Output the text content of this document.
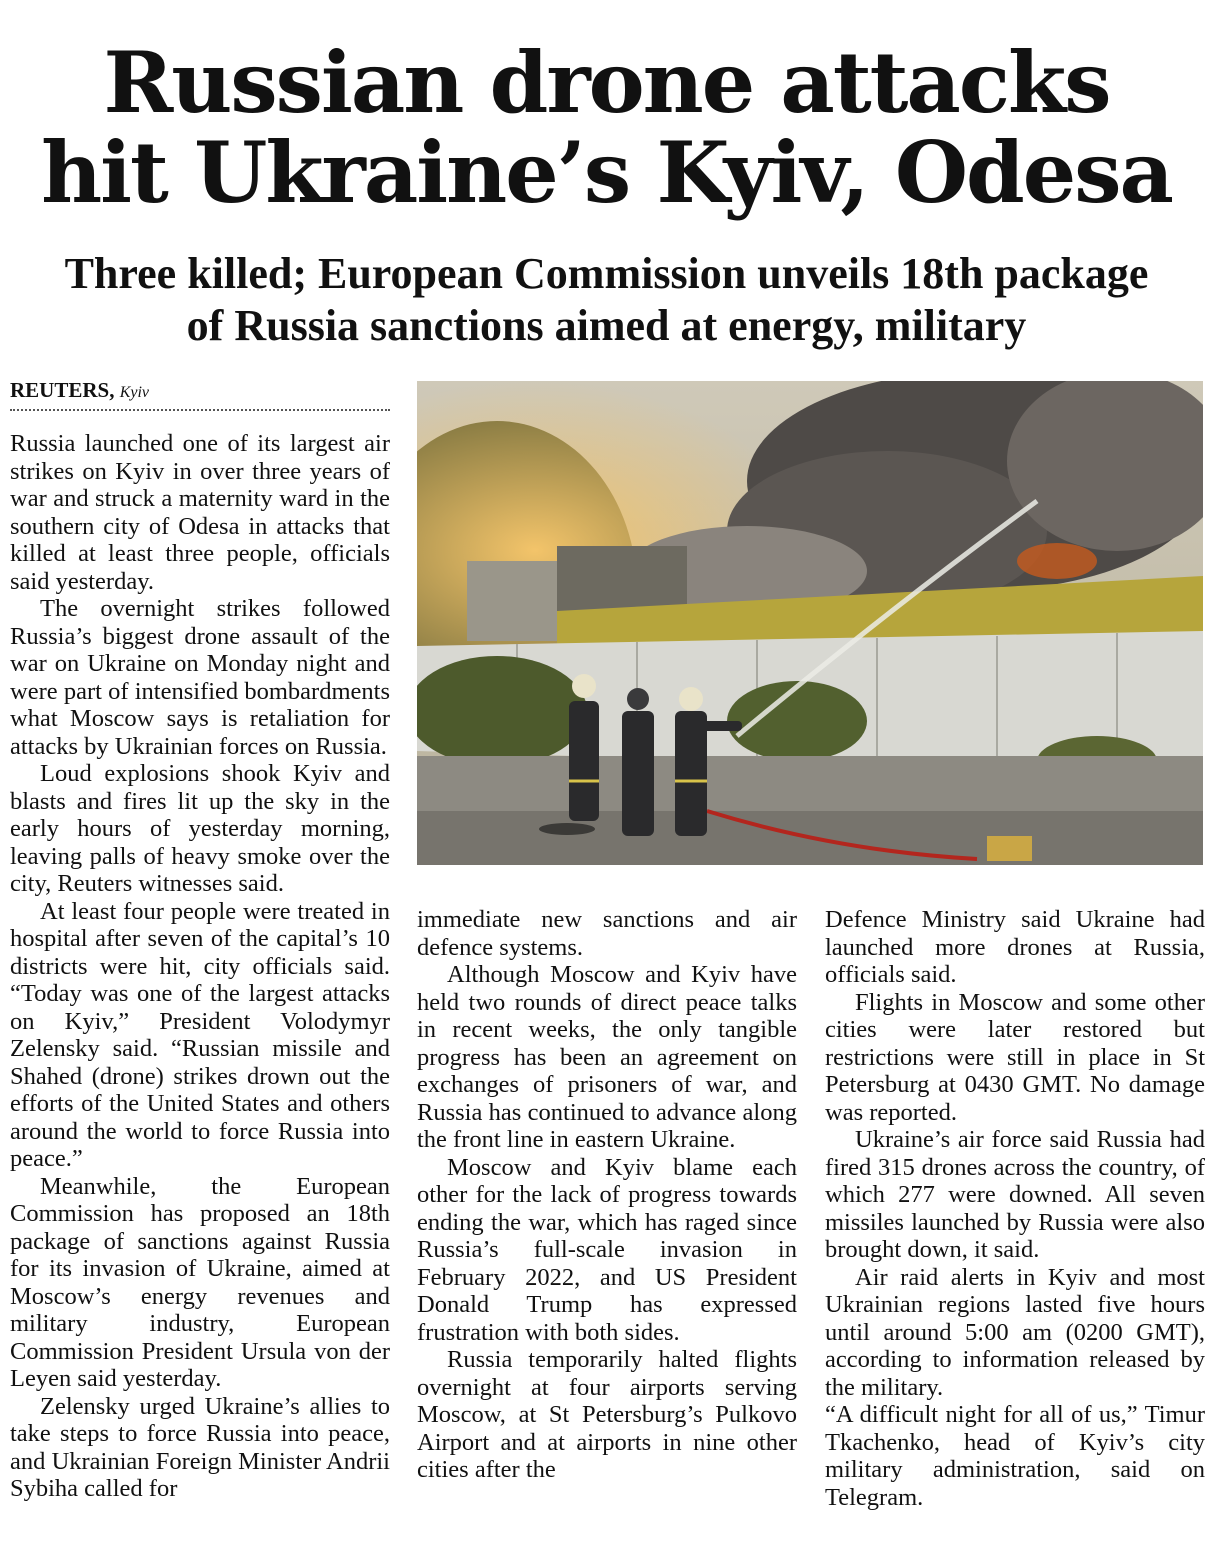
Russian drone attacks
hit Ukraine’s Kyiv, Odesa
Three killed; European Commission unveils 18th package
of Russia sanctions aimed at energy, military
REUTERS, Kyiv

Russia launched one of its largest air strikes on Kyiv in over three years of war and struck a maternity ward in the southern city of Odesa in attacks that killed at least three people, officials said yesterday.

The overnight strikes followed Russia’s biggest drone assault of the war on Ukraine on Monday night and were part of intensified bombardments what Moscow says is retaliation for attacks by Ukrainian forces on Russia.

Loud explosions shook Kyiv and blasts and fires lit up the sky in the early hours of yesterday morning, leaving palls of heavy smoke over the city, Reuters witnesses said.

At least four people were treated in hospital after seven of the capital’s 10 districts were hit, city officials said. “Today was one of the largest attacks on Kyiv,” President Volodymyr Zelensky said. “Russian missile and Shahed (drone) strikes drown out the efforts of the United States and others around the world to force Russia into peace.”

Meanwhile, the European Commission has proposed an 18th package of sanctions against Russia for its invasion of Ukraine, aimed at Moscow’s energy revenues and military industry, European Commission President Ursula von der Leyen said yesterday.

Zelensky urged Ukraine’s allies to take steps to force Russia into peace, and Ukrainian Foreign Minister Andrii Sybiha called for

immediate new sanctions and air defence systems.

Although Moscow and Kyiv have held two rounds of direct peace talks in recent weeks, the only tangible progress has been an agreement on exchanges of prisoners of war, and Russia has continued to advance along the front line in eastern Ukraine.

Moscow and Kyiv blame each other for the lack of progress towards ending the war, which has raged since Russia’s full-scale invasion in February 2022, and US President Donald Trump has expressed frustration with both sides.

Russia temporarily halted flights overnight at four airports serving Moscow, at St Petersburg’s Pulkovo Airport and at airports in nine other cities after the

Defence Ministry said Ukraine had launched more drones at Russia, officials said.

Flights in Moscow and some other cities were later restored but restrictions were still in place in St Petersburg at 0430 GMT. No damage was reported.

Ukraine’s air force said Russia had fired 315 drones across the country, of which 277 were downed. All seven missiles launched by Russia were also brought down, it said.

Air raid alerts in Kyiv and most Ukrainian regions lasted five hours until around 5:00 am (0200 GMT), according to information released by the military.

“A difficult night for all of us,” Timur Tkachenko, head of Kyiv’s city military administration, said on Telegram.
